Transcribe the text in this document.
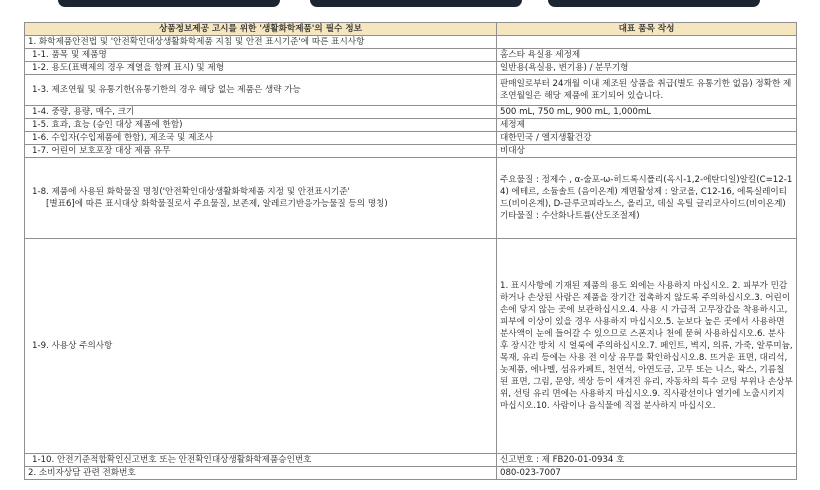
상품정보제공 고시를 위한 '생활화학제품'의 필수 정보	대표 품목 작성
1. 화학제품안전법 및 '안전확인대상생활화학제품 지침 및 안전 표시기준'에 따른 표시사항	
1-1. 품목 및 제품명	홈스타 욕실용 세정제
1-2. 용도(표백제의 경우 계열을 함께 표시) 및 제형	일반용(욕실용, 변기용) / 분무기형
1-3. 제조연월 및 유통기한(유통기한의 경우 해당 없는 제품은 생략 가능	판매일로부터 24개월 이내 제조된 상품을 취급(별도 유통기한 없음) 정확한 제조연월일은 해당 제품에 표기되어 있습니다.
1-4. 중량, 용량, 매수, 크기	500 mL, 750 mL, 900 mL, 1,000mL
1-5. 효과, 효능 (승인 대상 제품에 한함)	세정제
1-6. 수입자(수입제품에 한함), 제조국 및 제조사	대한민국 / 엘지생활건강
1-7. 어린이 보호포장 대상 제품 유무	비대상
1-8. 제품에 사용된 화학물질 명칭('안전확인대상생활화학제품 지정 및 안전표시기준'

[별표6]에 따른 표시대상 화학물질로서 주요물질, 보존제, 알레르기반응가능물질 등의 명칭)	주요물질 : 정제수 , α-술포-ω-히드록시폴리(옥시-1,2-에탄디일)알킬(C=12-14) 에테르, 소듐솔트 (음이온계) 계면활성제 : 알코올, C12-16, 에톡실레이티드(비이온계), D-글루코피라노스, 올리고, 데실 옥틸 글리코사이드(비이온계)기타물질 : 수산화나트륨(산도조절제)
1-9. 사용상 주의사항	1. 표시사항에 기재된 제품의 용도 외에는 사용하지 마십시오. 2. 피부가 민감하거나 손상된 사람은 제품을 장기간 접촉하지 않도록 주의하십시오.3. 어린이 손에 닿지 않는 곳에 보관하십시오.4. 사용 시 가급적 고무장갑을 착용하시고, 피부에 이상이 있을 경우 사용하지 마십시오.5. 눈보다 높은 곳에서 사용하면 분사액이 눈에 들어갈 수 있으므로 스폰지나 천에 묻혀 사용하십시오.6. 분사 후 장시간 방치 시 얼룩에 주의하십시오.7. 페인트, 벽지, 의류, 가죽, 알루미늄, 목재, 유리 등에는 사용 전 이상 유무를 확인하십시오.8. 뜨거운 표면, 대리석, 놋제품, 에나멜, 섬유카페트, 천연석, 아연도금, 고무 또는 니스, 왁스, 기름칠 된 표면, 그림, 문양, 색상 등이 새겨진 유리, 자동차의 특수 코팅 부위나 손상부위, 선팅 유리 면에는 사용하지 마십시오.9. 직사광선이나 열기에 노출시키지 마십시오.10. 사람이나 음식물에 직접 분사하지 마십시오.
1-10. 안전기준적합확인신고번호 또는 안전확인대상생활화학제품승인번호	신고번호 : 제 FB20-01-0934 호
2. 소비자상담 관련 전화번호	080-023-7007
